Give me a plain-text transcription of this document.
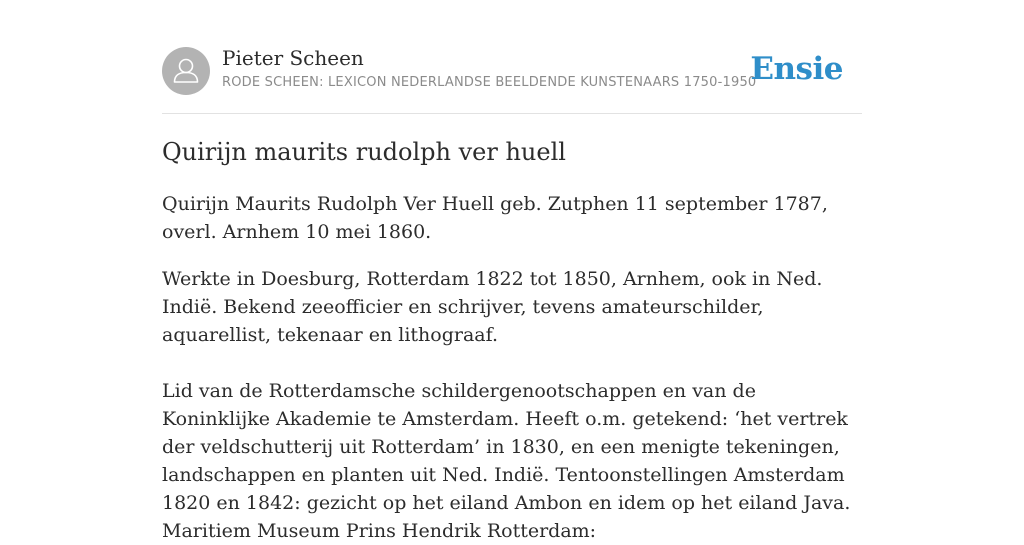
Pieter Scheen
RODE SCHEEN: LEXICON NEDERLANDSE BEELDENDE KUNSTENAARS 1750-1950
Ensie
Quirijn maurits rudolph ver huell

Quirijn Maurits Rudolph Ver Huell geb. Zutphen 11 september 1787, overl. Arnhem 10 mei 1860.

Werkte in Doesburg, Rotterdam 1822 tot 1850, Arnhem, ook in Ned. Indië. Bekend zeeofficier en schrijver, tevens amateurschilder, aquarellist, tekenaar en lithograaf.

Lid van de Rotterdamsche schildergenootschappen en van de Koninklijke Akademie te Amsterdam. Heeft o.m. getekend: ‘het vertrek der veldschutterij uit Rotterdam’ in 1830, en een menigte tekeningen, landschappen en planten uit Ned. Indië. Tentoonstellingen Amsterdam 1820 en 1842: gezicht op het eiland Ambon en idem op het eiland Java. Maritiem Museum Prins Hendrik Rotterdam:
